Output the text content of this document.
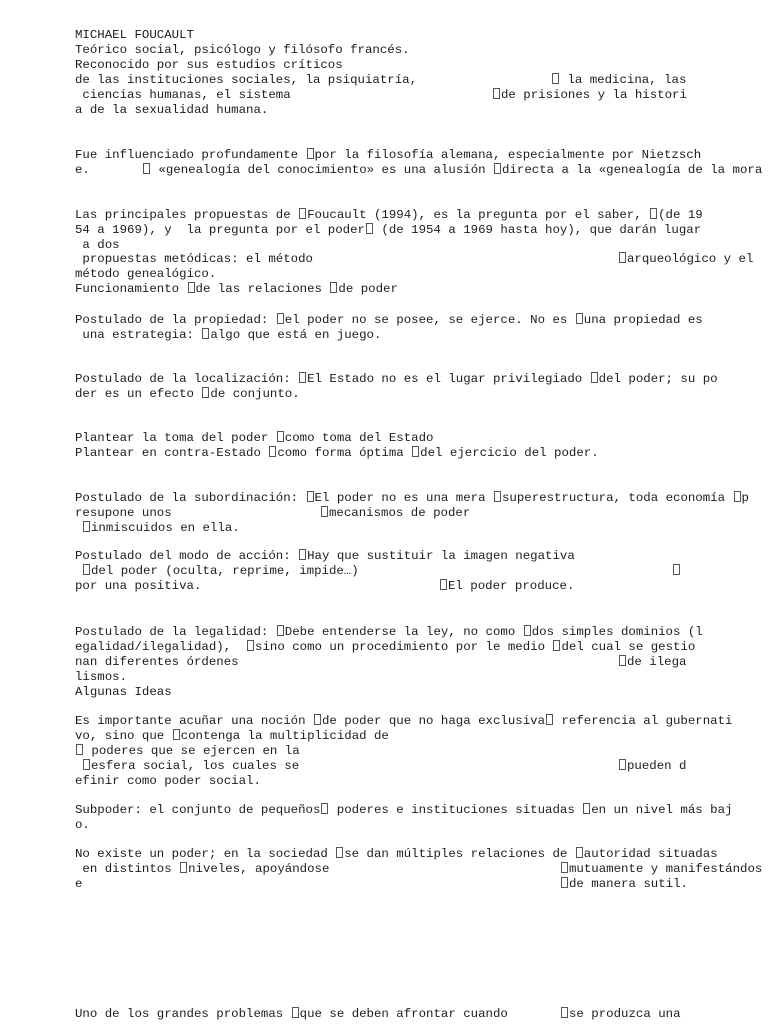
MICHAEL FOUCAULT
Teórico social, psicólogo y filósofo francés.
Reconocido por sus estudios críticos
de las instituciones sociales, la psiquiatría,	la medicina, las
ciencias humanas, el sistema	de prisiones y la histori
a de la sexualidad humana.
Fue influenciado profundamente por la filosofía alemana, especialmente por Nietzsch
e.	«genealogía del conocimiento» es una alusión directa a la «genealogía de la mora
Las principales propuestas de Foucault (1994), es la pregunta por el saber, (de 19
54 a 1969), y  la pregunta por el poder (de 1954 a 1969 hasta hoy), que darán lugar
a dos
propuestas metódicas: el método	arqueológico y el
método genealógico.
Funcionamiento de las relaciones de poder
Postulado de la propiedad: el poder no se posee, se ejerce. No es una propiedad es
una estrategia: algo que está en juego.
Postulado de la localización: El Estado no es el lugar privilegiado del poder; su po
der es un efecto de conjunto.
Plantear la toma del poder como toma del Estado
Plantear en contra-Estado como forma óptima del ejercicio del poder.
Postulado de la subordinación: El poder no es una mera superestructura, toda economía p
resupone unos	mecanismos de poder
inmiscuidos en ella.
Postulado del modo de acción: Hay que sustituir la imagen negativa
del poder (oculta, reprime, impide…)
por una positiva.	El poder produce.
Postulado de la legalidad: Debe entenderse la ley, no como dos simples dominios (l
egalidad/ilegalidad),  sino como un procedimiento por le medio del cual se gestio
nan diferentes órdenes	de ilega
lismos.
Algunas Ideas
Es importante acuñar una noción de poder que no haga exclusiva referencia al gubernati
vo, sino que contenga la multiplicidad de
poderes que se ejercen en la
esfera social, los cuales se	pueden d
efinir como poder social.
Subpoder: el conjunto de pequeños poderes e instituciones situadas en un nivel más baj
o.
No existe un poder; en la sociedad se dan múltiples relaciones de autoridad situadas
en distintos niveles, apoyándose	mutuamente y manifestándos
e	de manera sutil.
Uno de los grandes problemas que se deben afrontar cuando	se produzca una
